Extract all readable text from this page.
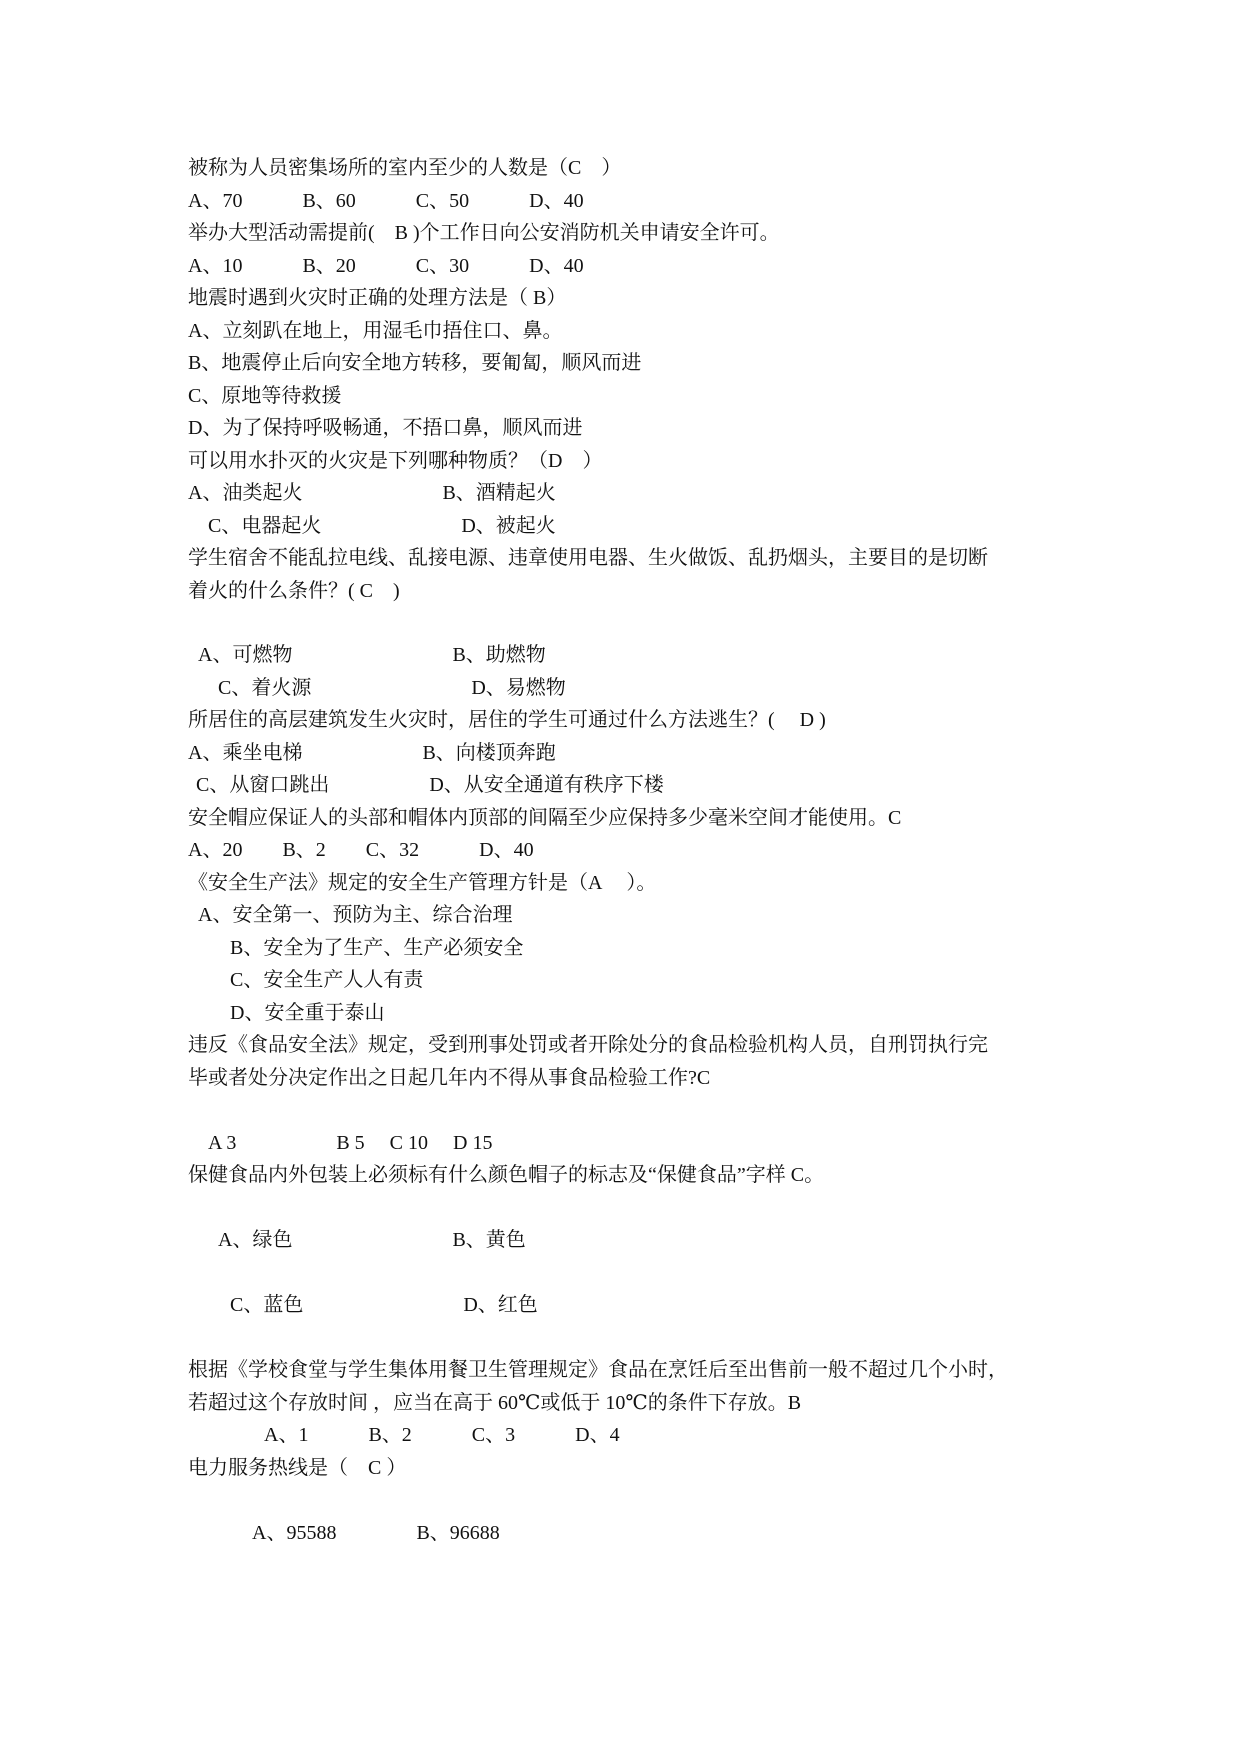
被称为人员密集场所的室内至少的人数是（C　）
A、70　　　B、60　　　C、50　　　D、40
举办大型活动需提前(　B )个工作日向公安消防机关申请安全许可。
A、10　　　B、20　　　C、30　　　D、40
地震时遇到火灾时正确的处理方法是（ B）
A、立刻趴在地上，用湿毛巾捂住口、鼻。
B、地震停止后向安全地方转移，要匍匐，顺风而进
C、原地等待救援
D、为了保持呼吸畅通，不捂口鼻，顺风而进
可以用水扑灭的火灾是下列哪种物质？（D　）
A、油类起火　　　　　　　B、酒精起火
C、电器起火　　　　　　　D、被起火
学生宿舍不能乱拉电线、乱接电源、违章使用电器、生火做饭、乱扔烟头，主要目的是切断
着火的什么条件？( C　)
A、可燃物　　　　　　　　B、助燃物
C、着火源　　　　　　　　D、易燃物
所居住的高层建筑发生火灾时，居住的学生可通过什么方法逃生？(　 D )
A、乘坐电梯　　　　　　B、向楼顶奔跑
C、从窗口跳出　　　　　D、从安全通道有秩序下楼
安全帽应保证人的头部和帽体内顶部的间隔至少应保持多少毫米空间才能使用。C
A、20　　B、2　　C、32　　　D、40
《安全生产法》规定的安全生产管理方针是（A　 ）。
A、安全第一、预防为主、综合治理
B、安全为了生产、生产必须安全
C、安全生产人人有责
D、安全重于泰山
违反《食品安全法》规定，受到刑事处罚或者开除处分的食品检验机构人员，自刑罚执行完
毕或者处分决定作出之日起几年内不得从事食品检验工作?C
A 3　　　　　B 5　 C 10　 D 15
保健食品内外包装上必须标有什么颜色帽子的标志及“保健食品”字样 C。
A、绿色　　　　　　　　B、黄色
C、蓝色　　　　　　　　D、红色
根据《学校食堂与学生集体用餐卫生管理规定》食品在烹饪后至出售前一般不超过几个小时，
若超过这个存放时间 ，应当在高于 60℃或低于 10℃的条件下存放。B
A、1　　　B、2　　　C、3　　　D、4
电力服务热线是（　C ）
A、95588　　　　B、96688
